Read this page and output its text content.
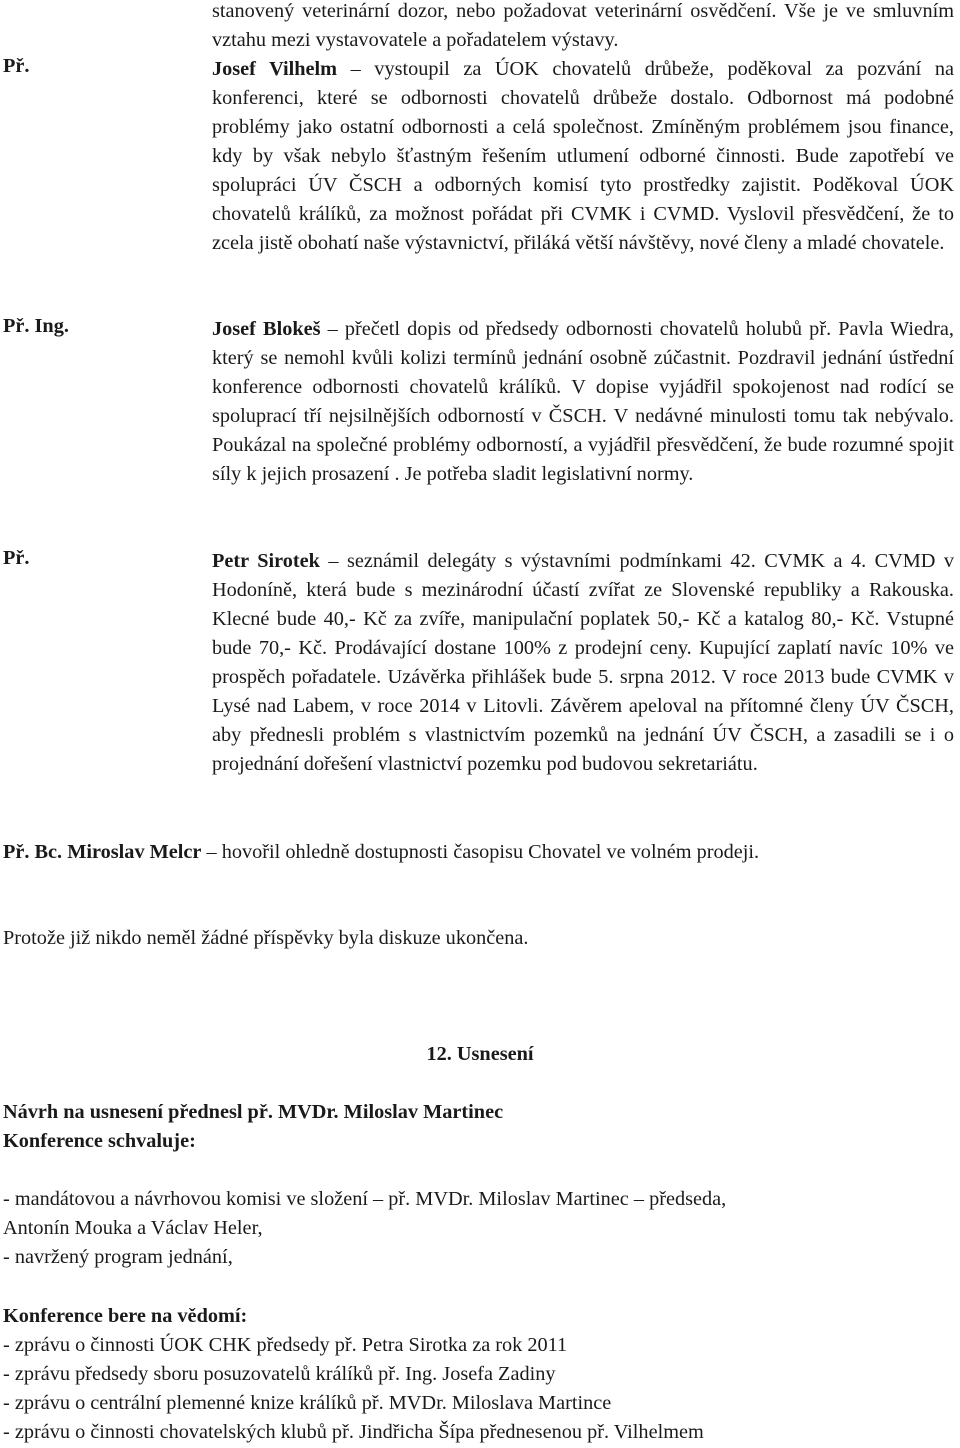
stanovený veterinární dozor, nebo požadovat veterinární osvědčení. Vše je ve smluvním vztahu mezi vystavovatele a pořadatelem výstavy.
Př.	Josef Vilhelm – vystoupil za ÚOK chovatelů drůbeže, poděkoval za pozvání na konferenci, které se odbornosti chovatelů drůbeže dostalo. Odbornost má podobné problémy jako ostatní odbornosti a celá společnost. Zmíněným problémem jsou finance, kdy by však nebylo šťastným řešením utlumení odborné činnosti. Bude zapotřebí ve spolupráci ÚV ČSCH a odborných komisí tyto prostředky zajistit. Poděkoval ÚOK chovatelů králíků, za možnost pořádat při CVMK i CVMD. Vyslovil přesvědčení, že to zcela jistě obohatí naše výstavnictví, přiláká větší návštěvy, nové členy a mladé chovatele.
Př. Ing.	Josef Blokeš – přečetl dopis od předsedy odbornosti chovatelů holubů př. Pavla Wiedra, který se nemohl kvůli kolizi termínů jednání osobně zúčastnit. Pozdravil jednání ústřední konference odbornosti chovatelů králíků. V dopise vyjádřil spokojenost nad rodící se spoluprací tří nejsilnějších odborností v ČSCH. V nedávné minulosti tomu tak nebývalo. Poukázal na společné problémy odborností, a vyjádřil přesvědčení, že bude rozumné spojit síly k jejich prosazení . Je potřeba sladit legislativní normy.
Př.	Petr Sirotek – seznámil delegáty s výstavními podmínkami 42. CVMK a 4. CVMD v Hodoníně, která bude s mezinárodní účastí zvířat ze Slovenské republiky a Rakouska. Klecné bude 40,- Kč za zvíře, manipulační poplatek 50,- Kč a katalog 80,- Kč. Vstupné bude 70,- Kč. Prodávající dostane 100% z prodejní ceny. Kupující zaplatí navíc 10% ve prospěch pořadatele. Uzávěrka přihlášek bude 5. srpna 2012. V roce 2013 bude CVMK v Lysé nad Labem, v roce 2014 v Litovli. Závěrem apeloval na přítomné členy ÚV ČSCH, aby přednesli problém s vlastnictvím pozemků na jednání ÚV ČSCH, a zasadili se i o projednání dořešení vlastnictví pozemku pod budovou sekretariátu.
Př. Bc. Miroslav Melcr – hovořil ohledně dostupnosti časopisu Chovatel ve volném prodeji.
Protože již nikdo neměl žádné příspěvky byla diskuze ukončena.
12. Usnesení
Návrh na usnesení přednesl př. MVDr. Miloslav Martinec
Konference schvaluje:
- mandátovou a návrhovou komisi ve složení – př. MVDr. Miloslav Martinec – předseda,
Antonín Mouka a Václav Heler,
- navržený program jednání,
Konference bere na vědomí:
- zprávu o činnosti ÚOK CHK předsedy př. Petra Sirotka za rok 2011
- zprávu předsedy sboru posuzovatelů králíků př. Ing. Josefa Zadiny
- zprávu o centrální plemenné knize králíků př. MVDr. Miloslava Martince
- zprávu o činnosti chovatelských klubů př. Jindřicha Šípa přednesenou př. Vilhelmem
